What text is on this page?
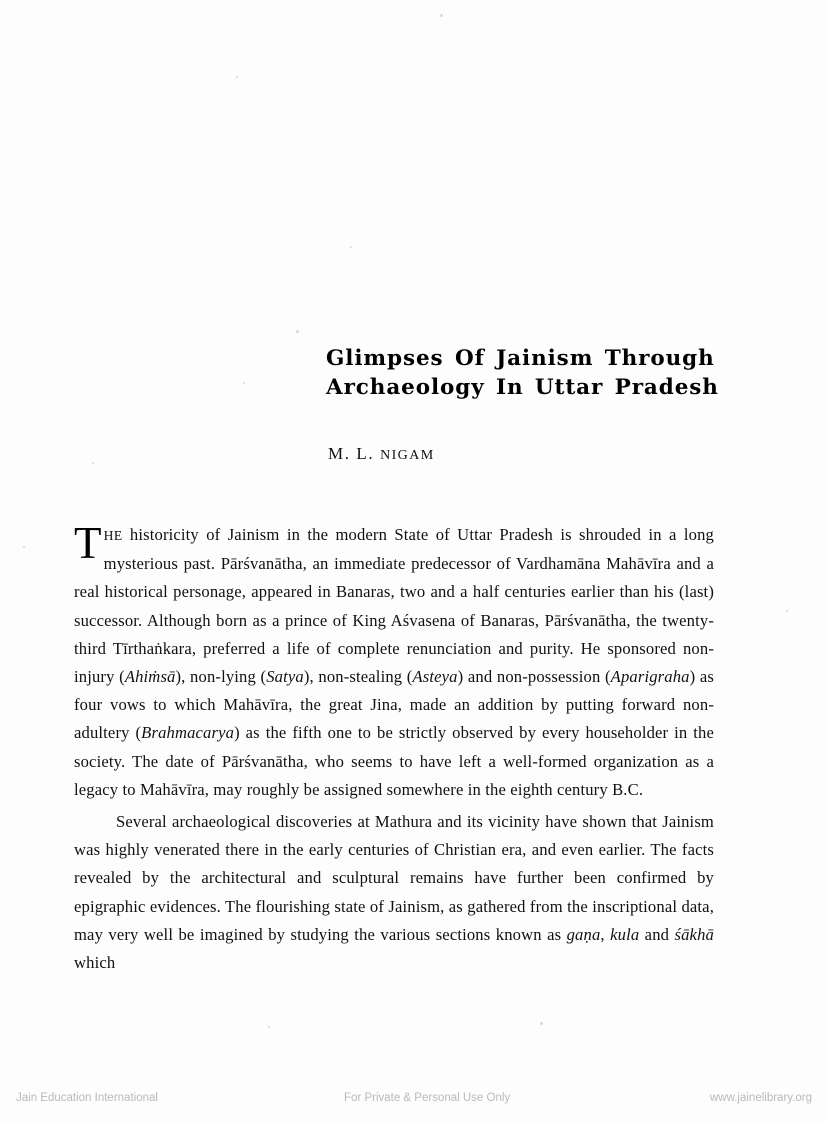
Glimpses Of Jainism Through
Archaeology In Uttar Pradesh
M. L. NIGAM

THE historicity of Jainism in the modern State of Uttar Pradesh is shrouded in a long mysterious past. Pārśvanātha, an immediate predecessor of Vardhamāna Mahāvīra and a real historical personage, appeared in Banaras, two and a half centuries earlier than his (last) successor. Although born as a prince of King Aśvasena of Banaras, Pārśvanātha, the twenty-third Tīrthaṅkara, preferred a life of complete renunciation and purity. He sponsored non-injury (Ahiṁsā), non-lying (Satya), non-stealing (Asteya) and non-possession (Aparigraha) as four vows to which Mahāvīra, the great Jina, made an addition by putting forward non-adultery (Brahmacarya) as the fifth one to be strictly observed by every householder in the society. The date of Pārśvanātha, who seems to have left a well-formed organization as a legacy to Mahāvīra, may roughly be assigned somewhere in the eighth century B.C.

Several archaeological discoveries at Mathura and its vicinity have shown that Jainism was highly venerated there in the early centuries of Christian era, and even earlier. The facts revealed by the architectural and sculptural remains have further been confirmed by epigraphic evidences. The flourishing state of Jainism, as gathered from the inscriptional data, may very well be imagined by studying the various sections known as gaṇa, kula and śākhā which

Jain Education International	For Private & Personal Use Only	www.jainelibrary.org
